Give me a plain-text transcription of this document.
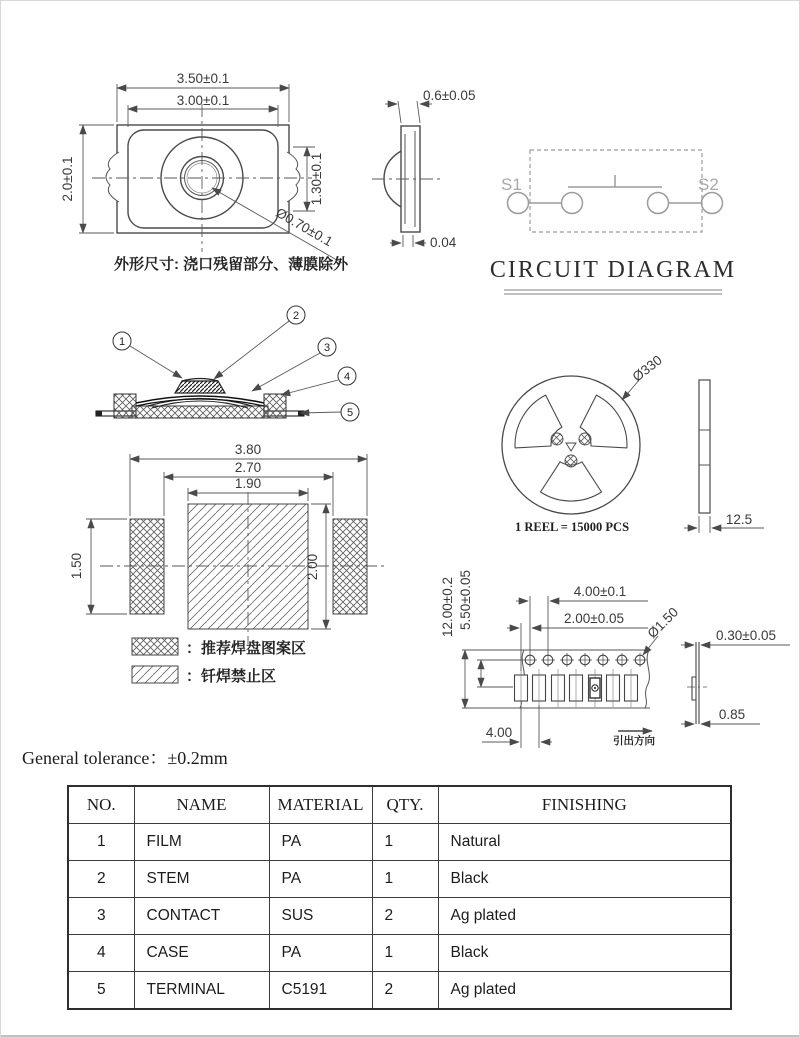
3.50±0.1
3.00±0.1
2.0±0.1	1.30±0.1
Ø0.70±0.1
外形尺寸: 浇口残留部分、薄膜除外
0.6±0.05
0.04
S1	S2
CIRCUIT DIAGRAM
1
2
3
4
5
3.80
2.70
1.90
1.50	2.00
：推荐焊盘图案区
：钎焊禁止区
Ø330
1 REEL = 15000 PCS	12.5
12.00±0.2 5.50±0.05	4.00±0.1
2.00±0.05 Ø1.50
4.00
引出方向
0.30±0.05
0.85
General tolerance：±0.2mm
NO.	NAME	MATERIAL	QTY.	FINISHING
1	FILM	PA	1	Natural
2	STEM	PA	1	Black
3	CONTACT	SUS	2	Ag plated
4	CASE	PA	1	Black
5	TERMINAL	C5191	2	Ag plated
